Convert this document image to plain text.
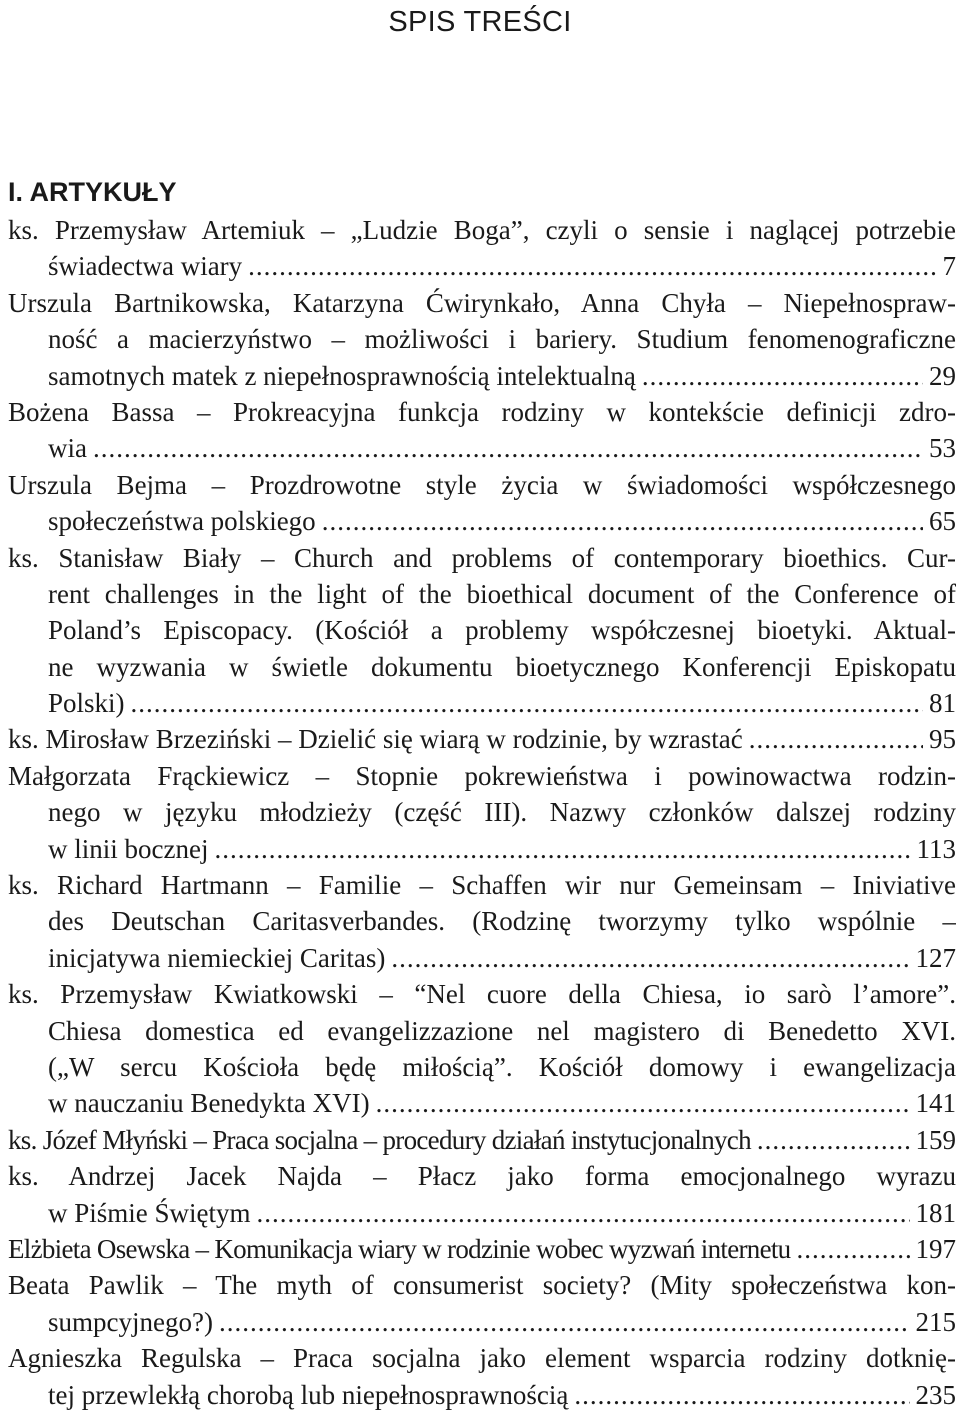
SPIS TREŚCI
I. ARTYKUŁY
ks. Przemysław Artemiuk – „Ludzie Boga”, czyli o sensie i naglącej potrzebie
świadectwa wiary .....	7
Urszula Bartnikowska, Katarzyna Ćwirynkało, Anna Chyła – Niepełnospraw-
ność a macierzyństwo – możliwości i bariery. Studium fenomenograficzne
samotnych matek z niepełnosprawnością intelektualną .....	29
Bożena Bassa – Prokreacyjna funkcja rodziny w kontekście definicji zdro-
wia .....	53
Urszula Bejma – Prozdrowotne style życia w świadomości współczesnego
społeczeństwa polskiego .....	65
ks. Stanisław Biały – Church and problems of contemporary bioethics. Cur-
rent challenges in the light of the bioethical document of the Conference of
Poland’s Episcopacy. (Kościół a problemy współczesnej bioetyki. Aktual-
ne wyzwania w świetle dokumentu bioetycznego Konferencji Episkopatu
Polski) .....	81
ks. Mirosław Brzeziński – Dzielić się wiarą w rodzinie, by wzrastać .....	95
Małgorzata Frąckiewicz – Stopnie pokrewieństwa i powinowactwa rodzin-
nego w języku młodzieży (część III). Nazwy członków dalszej rodziny
w linii bocznej .....	113
ks. Richard Hartmann – Familie – Schaffen wir nur Gemeinsam – Iniviative
des Deutschan Caritasverbandes. (Rodzinę tworzymy tylko wspólnie –
inicjatywa niemieckiej Caritas) .....	127
ks. Przemysław Kwiatkowski – “Nel cuore della Chiesa, io sarò l’amore”.
Chiesa domestica ed evangelizzazione nel magistero di Benedetto XVI.
(„W sercu Kościoła będę miłością”. Kościół domowy i ewangelizacja
w nauczaniu Benedykta XVI) .....	141
ks. Józef Młyński – Praca socjalna – procedury działań instytucjonalnych .....	159
ks. Andrzej Jacek Najda – Płacz jako forma emocjonalnego wyrazu
w Piśmie Świętym .....	181
Elżbieta Osewska – Komunikacja wiary w rodzinie wobec wyzwań internetu .....	197
Beata Pawlik – The myth of consumerist society? (Mity społeczeństwa kon-
sumpcyjnego?) .....	215
Agnieszka Regulska – Praca socjalna jako element wsparcia rodziny dotknię-
tej przewlekłą chorobą lub niepełnosprawnością .....	235
